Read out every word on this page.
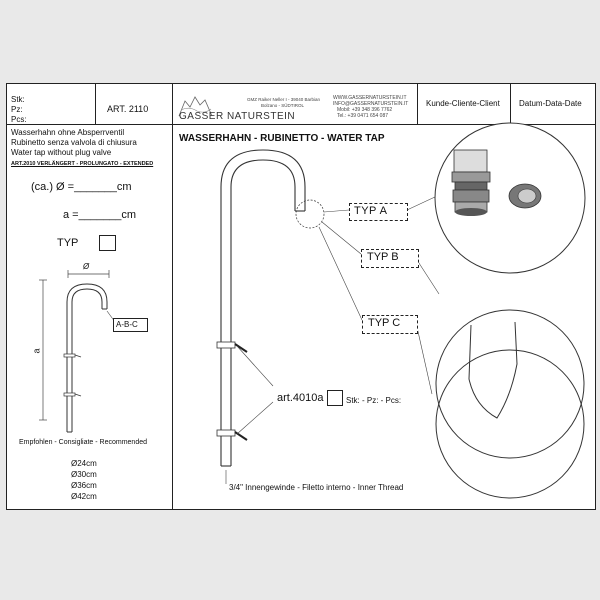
Stk:
Pz:
Pcs:
ART. 2110
GASSER NATURSTEIN
GMZ Raiker Neller I - 39040 Barbian
Bolzano - SÜDTIROL
WWW.GASSERNATURSTEIN.IT
INFO@GASSERNATURSTEIN.IT
Mobil: +39 348 396 7762
Tel.: +39 0471 654 087
Kunde-Cliente-Client Datum-Data-Date
Wasserhahn ohne Absperrventil
Rubinetto senza valvola di chiusura
Water tap without plug valve
ART.2010 VERLÄNGERT - PROLUNGATO - EXTENDED
(ca.) Ø =_______cm
a =_______cm
TYP
Ø
a
A-B-C
Empfohlen - Consigliate - Recommended
Ø24cm
Ø30cm
Ø36cm
Ø42cm
WASSERHAHN - RUBINETTO - WATER TAP
TYP A
TYP B
TYP C
art.4010a	Stk: - Pz: - Pcs:
3/4" Innengewinde - Filetto interno - Inner Thread
